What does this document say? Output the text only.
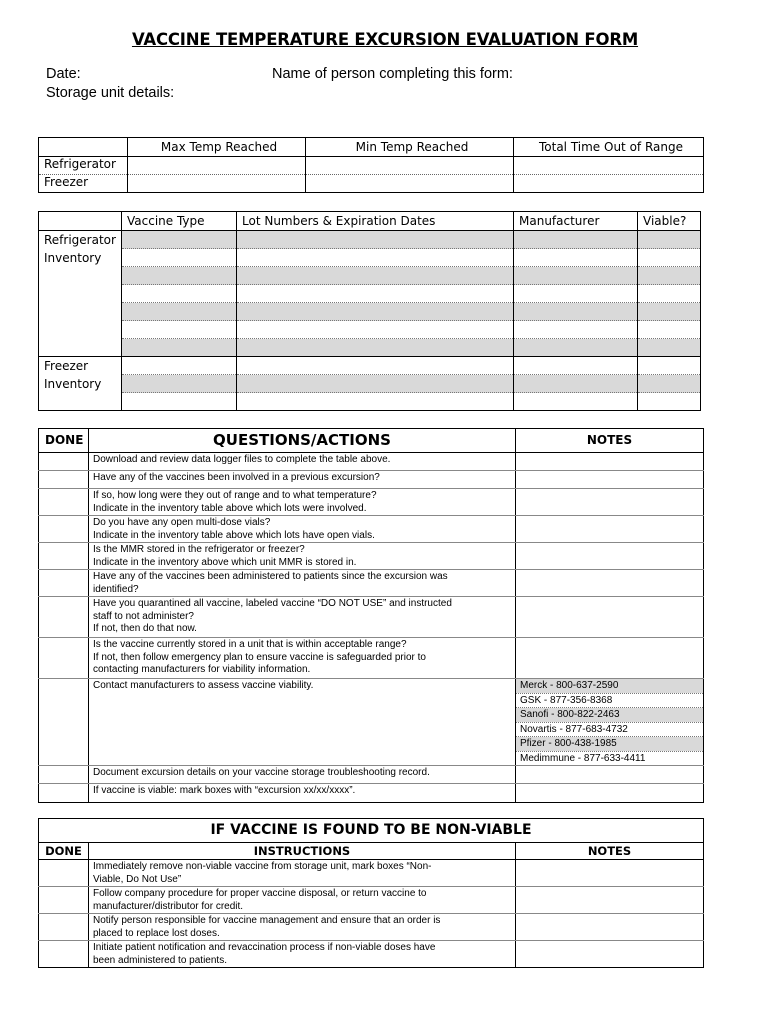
VACCINE TEMPERATURE EXCURSION EVALUATION FORM
Date:	Name of person completing this form:
Storage unit details:
	Max Temp Reached	Min Temp Reached	Total Time Out of Range
Refrigerator			
Freezer			
	Vaccine Type	Lot Numbers & Expiration Dates	Manufacturer	Viable?

Refrigerator
Inventory				

Freezer
Inventory				

DONE	QUESTIONS/ACTIONS	NOTES
	Download and review data logger files to complete the table above.	
	Have any of the vaccines been involved in a previous excursion?	

	If so, how long were they out of range and to what temperature?
Indicate in the inventory table above which lots were involved.	

	Do you have any open multi-dose vials?
Indicate in the inventory table above which lots have open vials.	

	Is the MMR stored in the refrigerator or freezer?
Indicate in the inventory above which unit MMR is stored in.	

	Have any of the vaccines been administered to patients since the excursion was
identified?	

	Have you quarantined all vaccine, labeled vaccine “DO NOT USE” and instructed
staff to not administer?
If not, then do that now.	

	Is the vaccine currently stored in a unit that is within acceptable range?
If not, then follow emergency plan to ensure vaccine is safeguarded prior to
contacting manufacturers for viability information.	

	Contact manufacturers to assess vaccine viability.	Merck - 800-637-2590
		GSK - 877-356-8368
		Sanofi - 800-822-2463
		Novartis - 877-683-4732
		Pfizer - 800-438-1985
		Medimmune - 877-633-4411
	Document excursion details on your vaccine storage troubleshooting record.	
	If vaccine is viable: mark boxes with “excursion xx/xx/xxxx”.	
IF VACCINE IS FOUND TO BE NON-VIABLE		
DONE	INSTRUCTIONS	NOTES

	Immediately remove non-viable vaccine from storage unit, mark boxes “Non-
Viable, Do Not Use”	

	Follow company procedure for proper vaccine disposal, or return vaccine to
manufacturer/distributor for credit.	

	Notify person responsible for vaccine management and ensure that an order is
placed to replace lost doses.	

	Initiate patient notification and revaccination process if non-viable doses have
been administered to patients.	
